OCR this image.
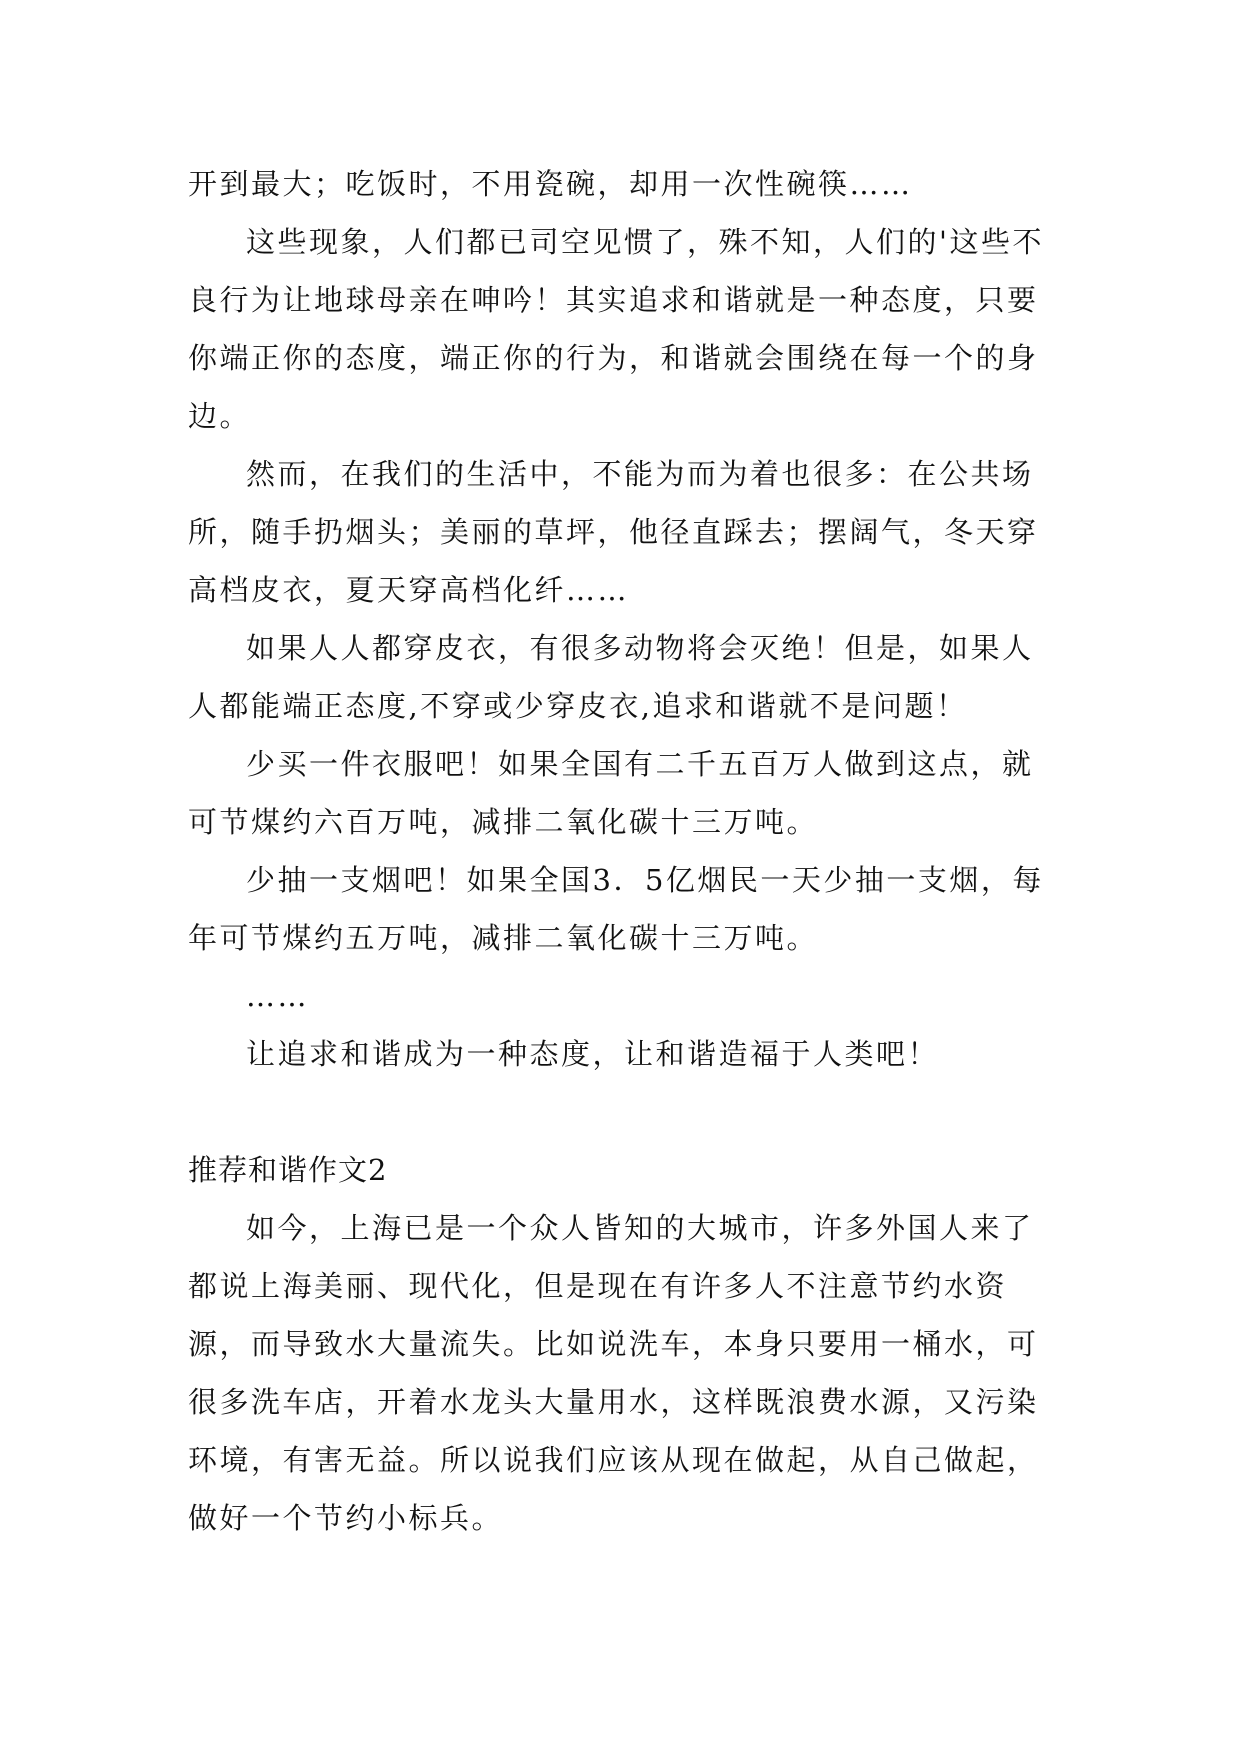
开到最大；吃饭时，不用瓷碗，却用一次性碗筷……

这些现象，人们都已司空见惯了，殊不知，人们的'这些不良行为让地球母亲在呻吟！其实追求和谐就是一种态度，只要你端正你的态度，端正你的行为，和谐就会围绕在每一个的身边。

然而，在我们的生活中，不能为而为着也很多：在公共场所，随手扔烟头；美丽的草坪，他径直踩去；摆阔气，冬天穿高档皮衣，夏天穿高档化纤……

如果人人都穿皮衣，有很多动物将会灭绝！但是，如果人人都能端正态度,不穿或少穿皮衣,追求和谐就不是问题！

少买一件衣服吧！如果全国有二千五百万人做到这点，就可节煤约六百万吨，减排二氧化碳十三万吨。

少抽一支烟吧！如果全国3．5亿烟民一天少抽一支烟，每年可节煤约五万吨，减排二氧化碳十三万吨。

……

让追求和谐成为一种态度，让和谐造福于人类吧！

推荐和谐作文2

如今，上海已是一个众人皆知的大城市，许多外国人来了都说上海美丽、现代化，但是现在有许多人不注意节约水资源，而导致水大量流失。比如说洗车，本身只要用一桶水，可很多洗车店，开着水龙头大量用水，这样既浪费水源，又污染环境，有害无益。所以说我们应该从现在做起，从自己做起，做好一个节约小标兵。
